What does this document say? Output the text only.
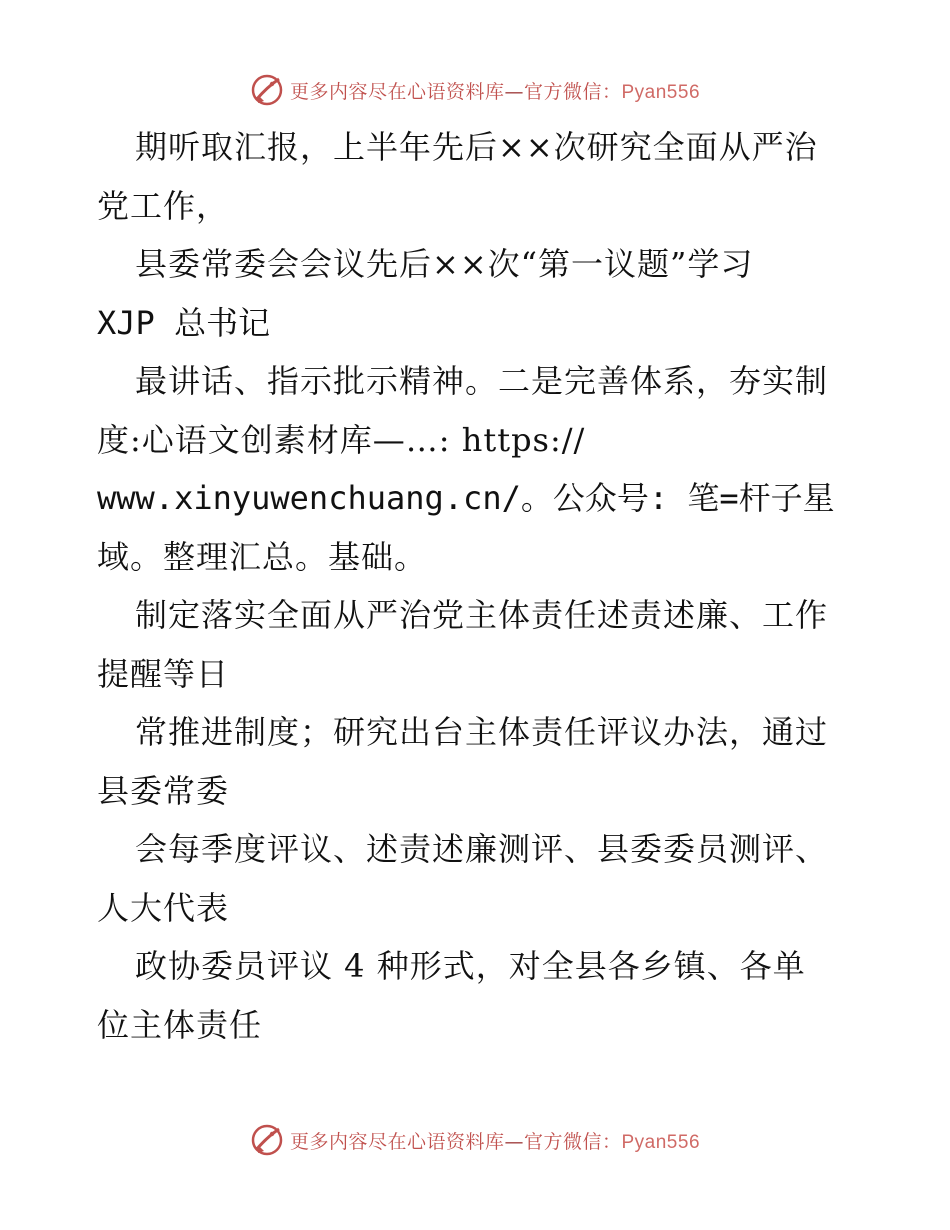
更多内容尽在心语资料库—官方微信：Pyan556
期听取汇报，上半年先后××次研究全面从严治
党工作，
县委常委会会议先后××次“第一议题”学习
XJP 总书记
最讲话、指示批示精神。二是完善体系，夯实制
度:心语文创素材库—…: https://
www.xinyuwenchuang.cn/。公众号: 笔=杆子星
域。整理汇总。基础。
制定落实全面从严治党主体责任述责述廉、工作
提醒等日
常推进制度；研究出台主体责任评议办法，通过
县委常委
会每季度评议、述责述廉测评、县委委员测评、
人大代表
政协委员评议 4 种形式，对全县各乡镇、各单
位主体责任
更多内容尽在心语资料库—官方微信：Pyan556
